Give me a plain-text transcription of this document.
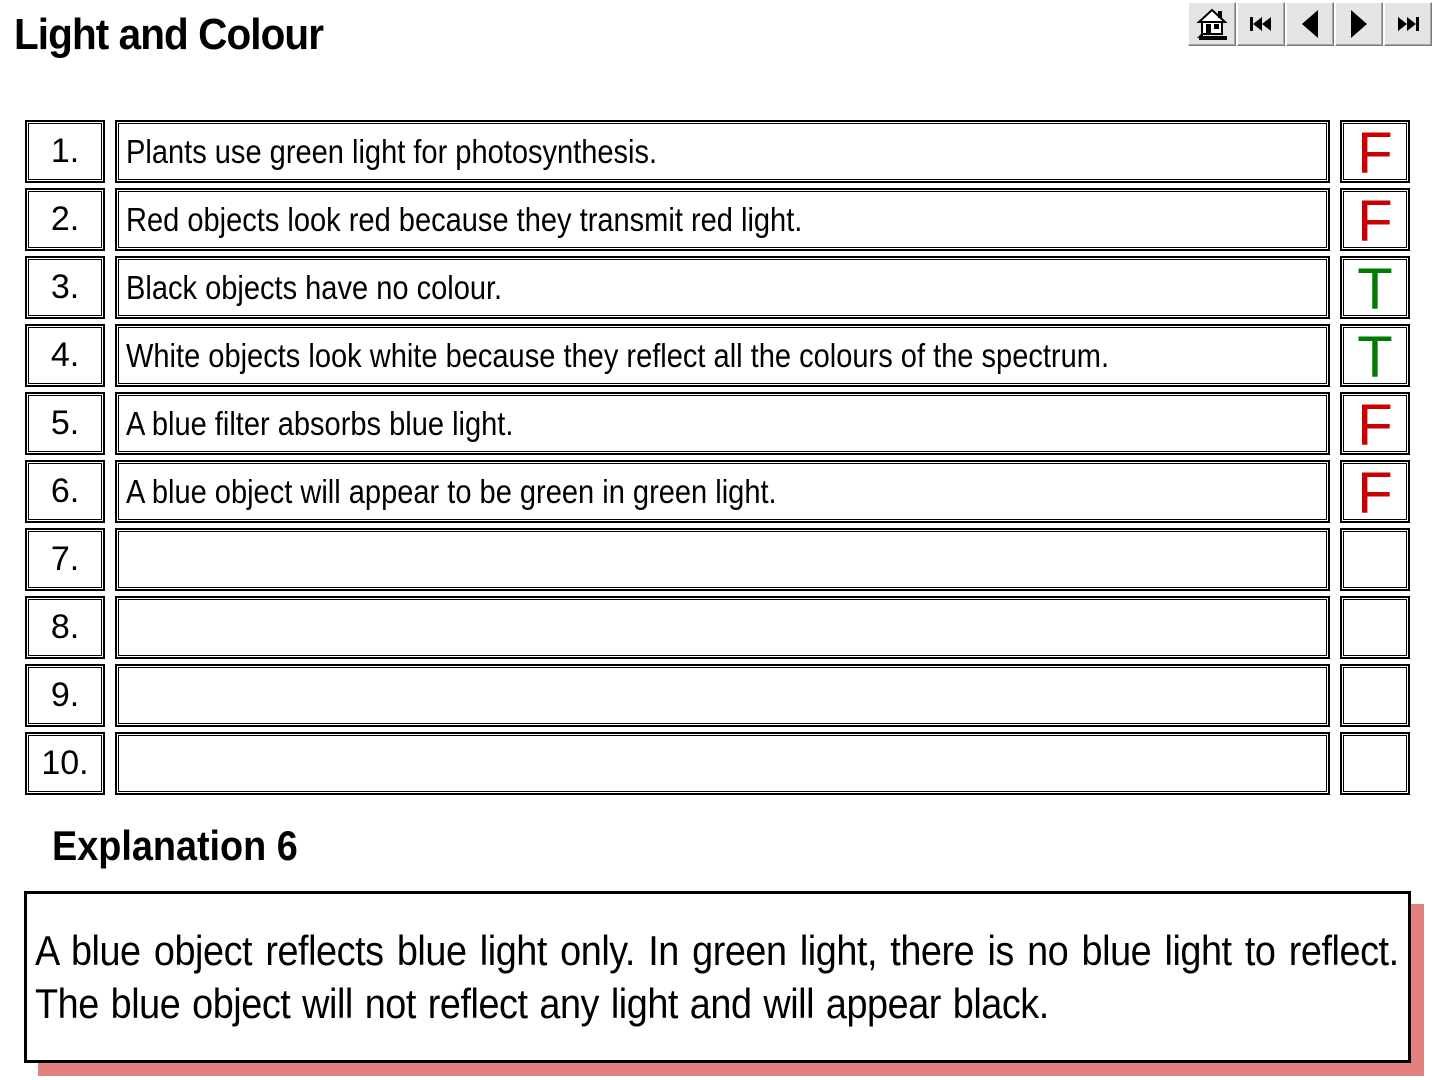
Light and Colour
1.	Plants use green light for photosynthesis.	F
2.	Red objects look red because they transmit red light.	F
3.	Black objects have no colour.	T
4.	White objects look white because they reflect all the colours of the spectrum.	T
5.	A blue filter absorbs blue light.	F
6.	A blue object will appear to be green in green light.	F
7.
8.
9.
10.
Explanation 6
A blue object reflects blue light only. In green light, there is no blue light to reflect. The blue object will not reflect any light and will appear black.
